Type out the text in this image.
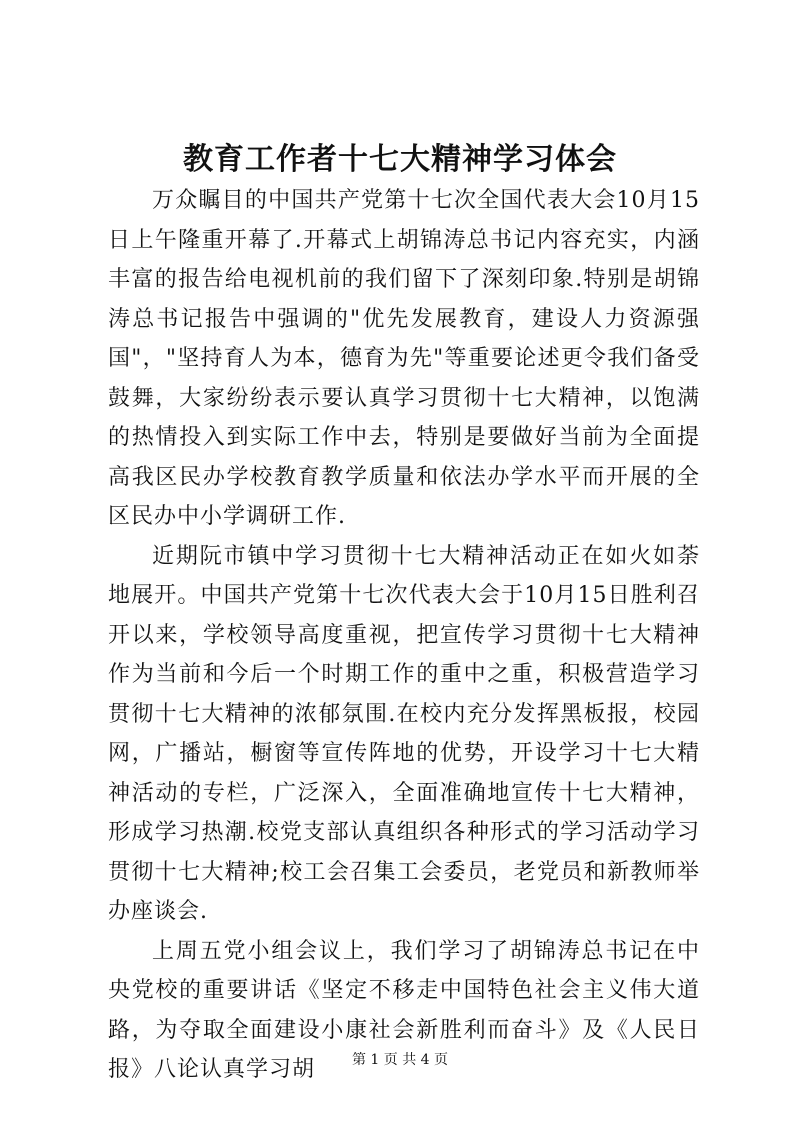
教育工作者十七大精神学习体会

万众瞩目的中国共产党第十七次全国代表大会10月15日上午隆重开幕了.开幕式上胡锦涛总书记内容充实，内涵丰富的报告给电视机前的我们留下了深刻印象.特别是胡锦涛总书记报告中强调的"优先发展教育，建设人力资源强国"，"坚持育人为本，德育为先"等重要论述更令我们备受鼓舞，大家纷纷表示要认真学习贯彻十七大精神，以饱满的热情投入到实际工作中去，特别是要做好当前为全面提高我区民办学校教育教学质量和依法办学水平而开展的全区民办中小学调研工作.

近期阮市镇中学习贯彻十七大精神活动正在如火如荼地展开。中国共产党第十七次代表大会于10月15日胜利召开以来，学校领导高度重视，把宣传学习贯彻十七大精神作为当前和今后一个时期工作的重中之重，积极营造学习贯彻十七大精神的浓郁氛围.在校内充分发挥黑板报，校园网，广播站，橱窗等宣传阵地的优势，开设学习十七大精神活动的专栏，广泛深入，全面准确地宣传十七大精神，形成学习热潮.校党支部认真组织各种形式的学习活动学习贯彻十七大精神;校工会召集工会委员，老党员和新教师举办座谈会.

上周五党小组会议上，我们学习了胡锦涛总书记在中央党校的重要讲话《坚定不移走中国特色社会主义伟大道路，为夺取全面建设小康社会新胜利而奋斗》及《人民日报》八论认真学习胡	第 1 页 共 4 页
